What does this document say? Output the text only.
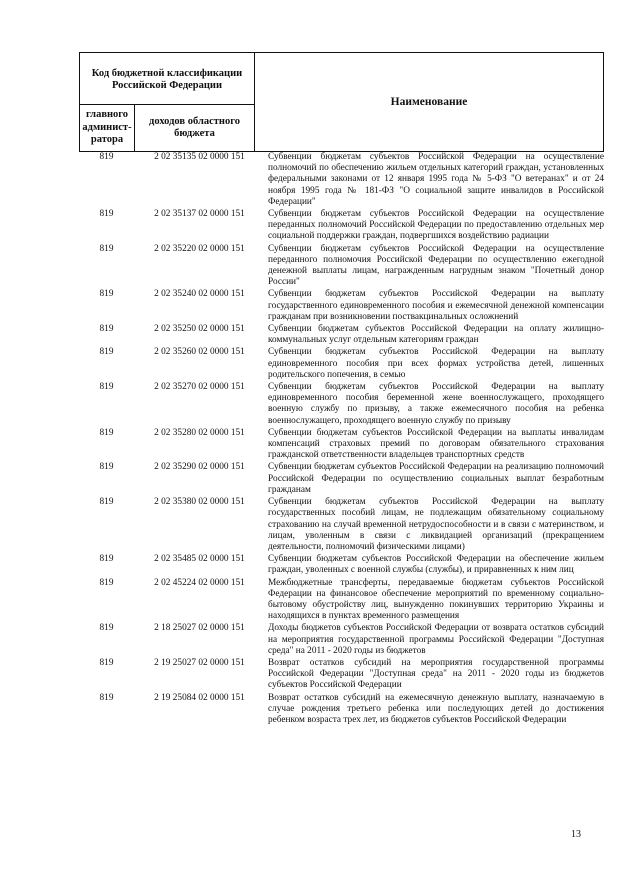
Код бюджетной классификации Российской Федерации		Наименование
главного админист-ратора	доходов областного бюджета	
819	2 02 35135 02 0000 151	Субвенции бюджетам субъектов Российской Федерации на осуществление полномочий по обеспечению жильем отдельных категорий граждан, установленных федеральными законами от 12 января 1995 года № 5-ФЗ "О ветеранах" и от 24 ноября 1995 года № 181-ФЗ "О социальной защите инвалидов в Российской Федерации"
819	2 02 35137 02 0000 151	Субвенции бюджетам субъектов Российской Федерации на осуществление переданных полномочий Российской Федерации по предоставлению отдельных мер социальной поддержки граждан, подвергшихся воздействию радиации
819	2 02 35220 02 0000 151	Субвенции бюджетам субъектов Российской Федерации на осуществление переданного полномочия Российской Федерации по осуществлению ежегодной денежной выплаты лицам, награжденным нагрудным знаком "Почетный донор России"
819	2 02 35240 02 0000 151	Субвенции бюджетам субъектов Российской Федерации на выплату государственного единовременного пособия и ежемесячной денежной компенсации гражданам при возникновении поствакцинальных осложнений
819	2 02 35250 02 0000 151	Субвенции бюджетам субъектов Российской Федерации на оплату жилищно-коммунальных услуг отдельным категориям граждан
819	2 02 35260 02 0000 151	Субвенции бюджетам субъектов Российской Федерации на выплату единовременного пособия при всех формах устройства детей, лишенных родительского попечения, в семью
819	2 02 35270 02 0000 151	Субвенции бюджетам субъектов Российской Федерации на выплату единовременного пособия беременной жене военнослужащего, проходящего военную службу по призыву, а также ежемесячного пособия на ребенка военнослужащего, проходящего военную службу по призыву
819	2 02 35280 02 0000 151	Субвенции бюджетам субъектов Российской Федерации на выплаты инвалидам компенсаций страховых премий по договорам обязательного страхования гражданской ответственности владельцев транспортных средств
819	2 02 35290 02 0000 151	Субвенции бюджетам субъектов Российской Федерации на реализацию полномочий Российской Федерации по осуществлению социальных выплат безработным гражданам
819	2 02 35380 02 0000 151	Субвенции бюджетам субъектов Российской Федерации на выплату государственных пособий лицам, не подлежащим обязательному социальному страхованию на случай временной нетрудоспособности и в связи с материнством, и лицам, уволенным в связи с ликвидацией организаций (прекращением деятельности, полномочий физическими лицами)
819	2 02 35485 02 0000 151	Субвенции бюджетам субъектов Российской Федерации на обеспечение жильем граждан, уволенных с военной службы (службы), и приравненных к ним лиц
819	2 02 45224 02 0000 151	Межбюджетные трансферты, передаваемые бюджетам субъектов Российской Федерации на финансовое обеспечение мероприятий по временному социально-бытовому обустройству лиц, вынужденно покинувших территорию Украины и находящихся в пунктах временного размещения
819	2 18 25027 02 0000 151	Доходы бюджетов субъектов Российской Федерации от возврата остатков субсидий на мероприятия государственной программы Российской Федерации "Доступная среда" на 2011 - 2020 годы из бюджетов
819	2 19 25027 02 0000 151	Возврат остатков субсидий на мероприятия государственной программы Российской Федерации "Доступная среда" на 2011 - 2020 годы из бюджетов субъектов Российской Федерации
819	2 19 25084 02 0000 151	Возврат остатков субсидий на ежемесячную денежную выплату, назначаемую в случае рождения третьего ребенка или последующих детей до достижения ребенком возраста трех лет, из бюджетов субъектов Российской Федерации
13
